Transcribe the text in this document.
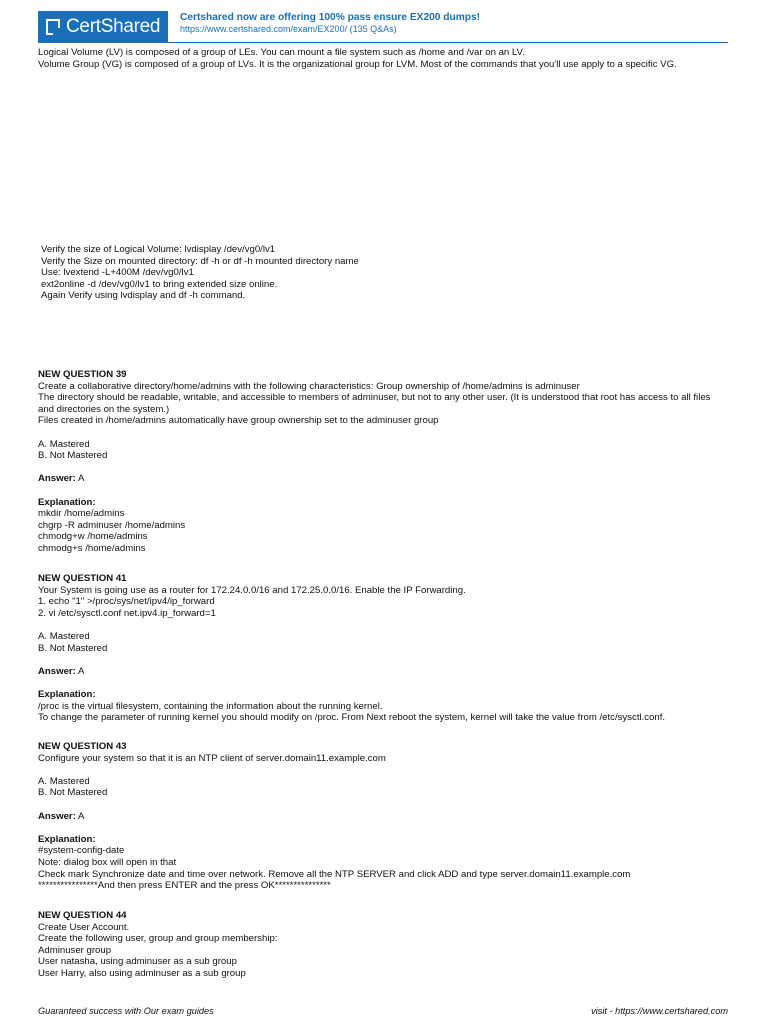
CertShared Certshared now are offering 100% pass ensure EX200 dumps!
https://www.certshared.com/exam/EX200/ (135 Q&As)
Logical Volume (LV) is composed of a group of LEs. You can mount a file system such as /home and /var on an LV.
Volume Group (VG) is composed of a group of LVs. It is the organizational group for LVM. Most of the commands that you'll use apply to a specific VG.
Verify the size of Logical Volume: lvdisplay /dev/vg0/lv1
Verify the Size on mounted directory: df -h or df -h mounted directory name
Use: lvextend -L+400M /dev/vg0/lv1
ext2online -d /dev/vg0/lv1 to bring extended size online.
Again Verify using lvdisplay and df -h command.
NEW QUESTION 39
Create a collaborative directory/home/admins with the following characteristics: Group ownership of /home/admins is adminuser
The directory should be readable, writable, and accessible to members of adminuser, but not to any other user. (It is understood that root has access to all files
and directories on the system.)
Files created in /home/admins automatically have group ownership set to the adminuser group
A. Mastered
B. Not Mastered
Answer: A
Explanation:
mkdir /home/admins
chgrp -R adminuser /home/admins
chmodg+w /home/admins
chmodg+s /home/admins
NEW QUESTION 41
Your System is going use as a router for 172.24.0.0/16 and 172.25.0.0/16. Enable the IP Forwarding.
1. echo "1" >/proc/sys/net/ipv4/ip_forward
2. vi /etc/sysctl.conf net.ipv4.ip_forward=1
A. Mastered
B. Not Mastered
Answer: A
Explanation:
/proc is the virtual filesystem, containing the information about the running kernel.
To change the parameter of running kernel you should modify on /proc. From Next reboot the system, kernel will take the value from /etc/sysctl.conf.
NEW QUESTION 43
Configure your system so that it is an NTP client of server.domain11.example.com
A. Mastered
B. Not Mastered
Answer: A
Explanation:
#system-config-date
Note: dialog box will open in that
Check mark Synchronize date and time over network. Remove all the NTP SERVER and click ADD and type server.domain11.example.com
****************And then press ENTER and the press OK***************
NEW QUESTION 44
Create User Account.
Create the following user, group and group membership:
Adminuser group
User natasha, using adminuser as a sub group
User Harry, also using adminuser as a sub group
Guaranteed success with Our exam guides	visit - https://www.certshared.com
